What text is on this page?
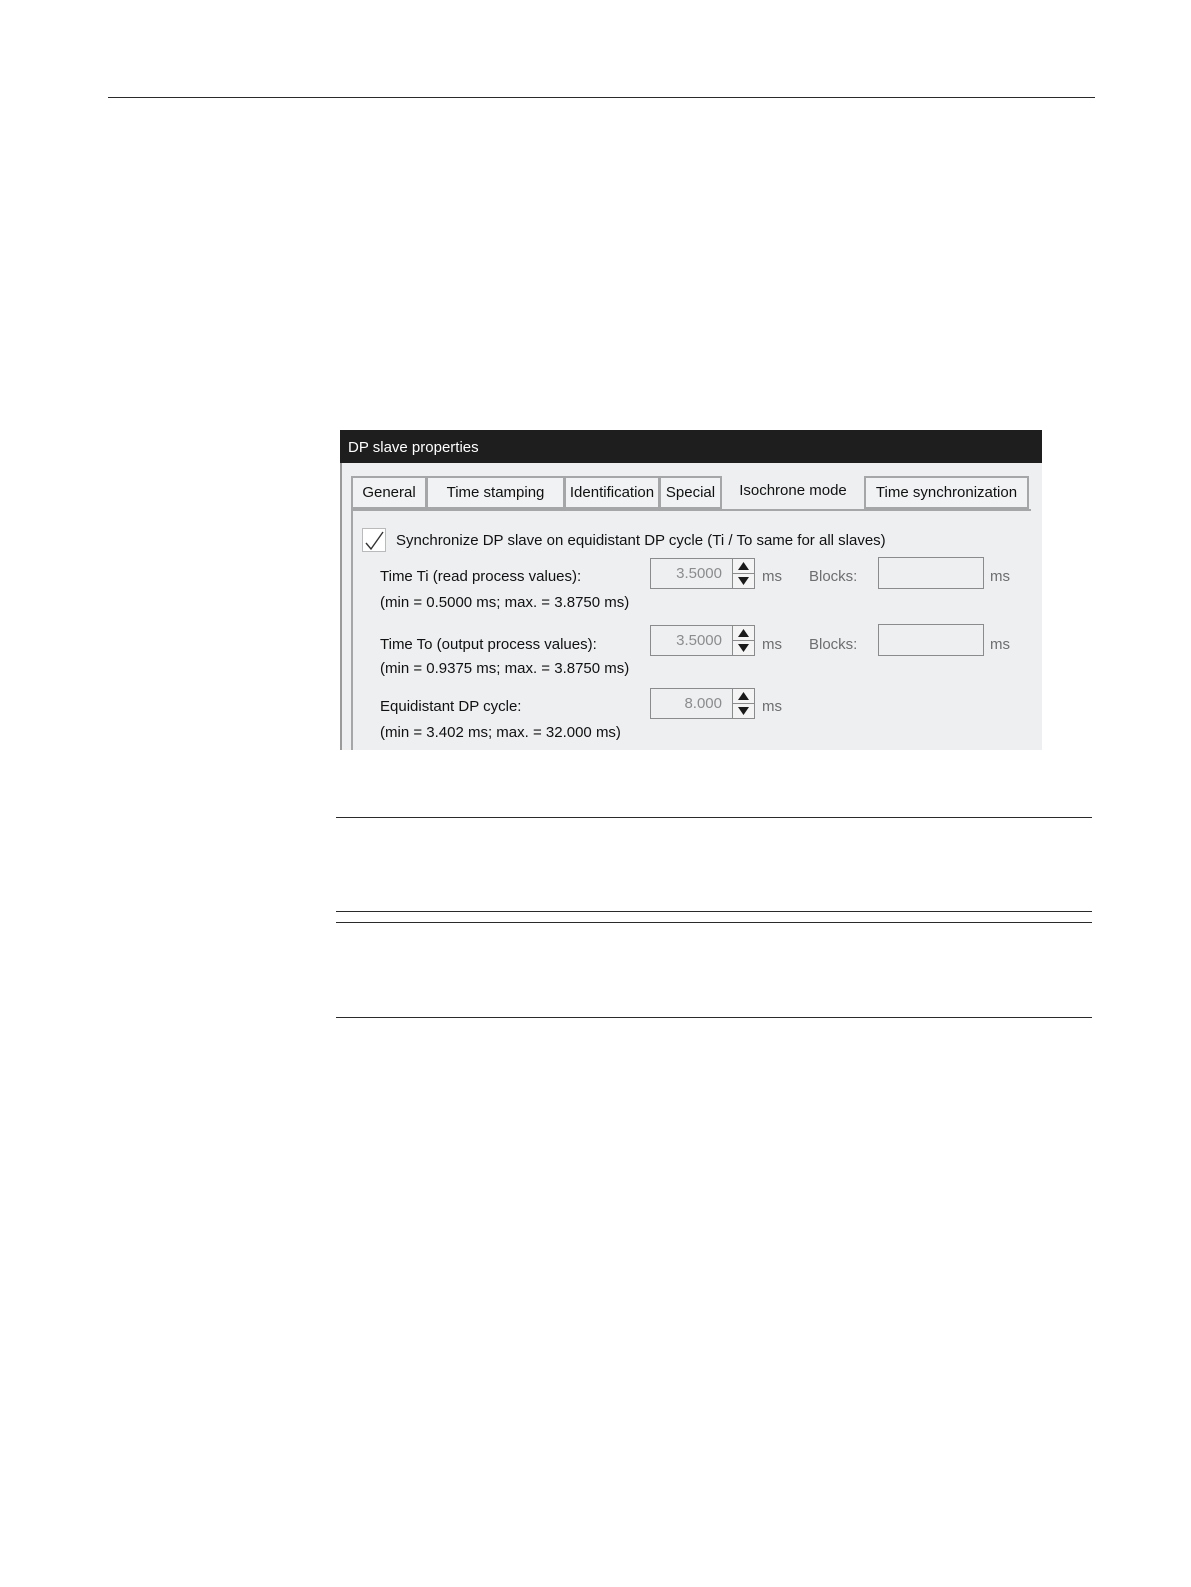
DP slave properties
General	Time stamping	Identification Special	Isochrone mode	Time synchronization
Synchronize DP slave on equidistant DP cycle (Ti / To same for all slaves)
Time Ti (read process values):	3.5000	ms Blocks:	ms
(min = 0.5000 ms; max. = 3.8750 ms)
Time To (output process values):	3.5000	ms Blocks:	ms
(min = 0.9375 ms; max. = 3.8750 ms)
Equidistant DP cycle:	8.000	ms
(min = 3.402 ms; max. = 32.000 ms)
